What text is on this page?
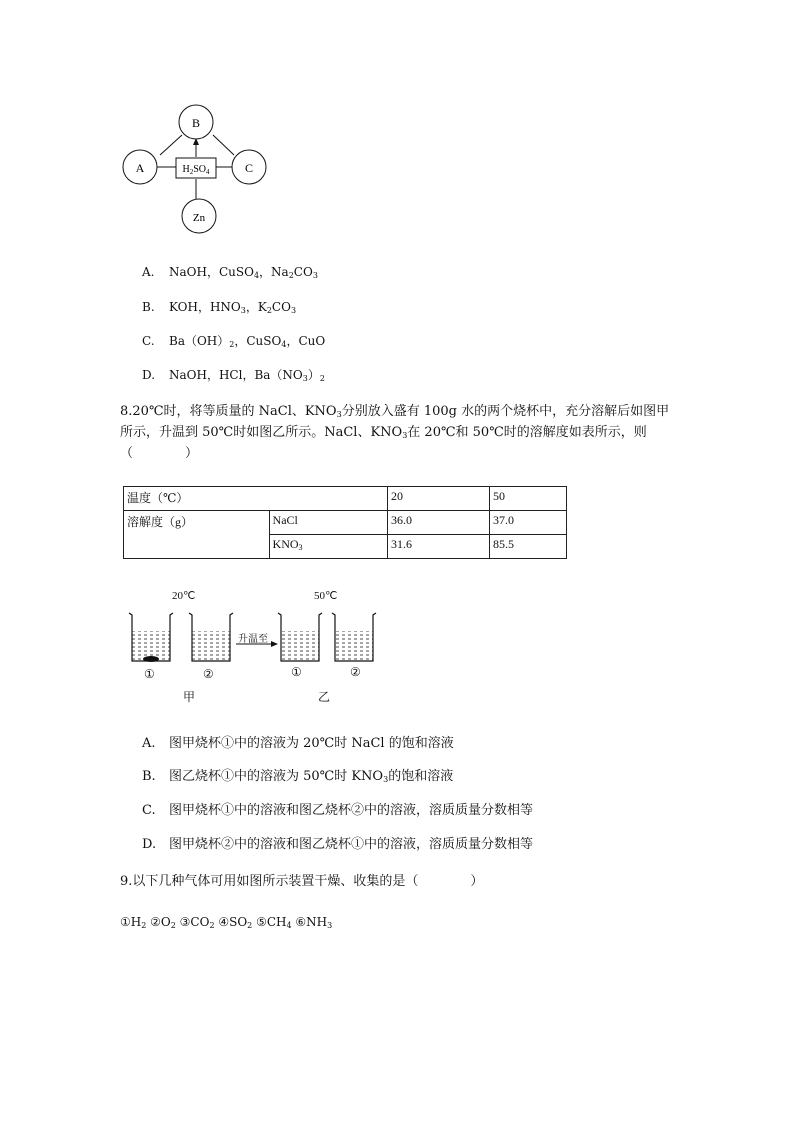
B
A	C
Zn
$H_2SO_4$
A. NaOH，CuSO$_4$，$Na_2CO_3$
B. KOH，$HNO_3$，$K_2CO_3$
C. $Ba(OH)_2$，CuSO$_4$，CuO
D. NaOH，HCl，$Ba(NO_3)_2$
8.20℃时，将等质量的 NaCl、$KNO_3$分别放入盛有 100g 水的两个烧杯中，充分溶解后如图甲
所示，升温到 50℃时如图乙所示。NaCl、$KNO_3$在 20℃和 50℃时的溶解度如表所示，则
（　　　　）
温度（℃）		20	50
溶解度（g）	NaCl	36.0	37.0
	$KNO_3$	31.6	85.5
20℃	50℃
升温至
①	②	①	②
甲	乙
A. 图甲烧杯①中的溶液为 20℃时 NaCl 的饱和溶液
B. 图乙烧杯①中的溶液为 50℃时 $KNO_3$的饱和溶液
C. 图甲烧杯①中的溶液和图乙烧杯②中的溶液，溶质质量分数相等
D. 图甲烧杯②中的溶液和图乙烧杯①中的溶液，溶质质量分数相等
9.以下几种气体可用如图所示装置干燥、收集的是（　　　　）
$①H_2$ $②O_2$ $③CO_2$ $④SO_2$ $⑤CH_4$ $⑥NH_3$
